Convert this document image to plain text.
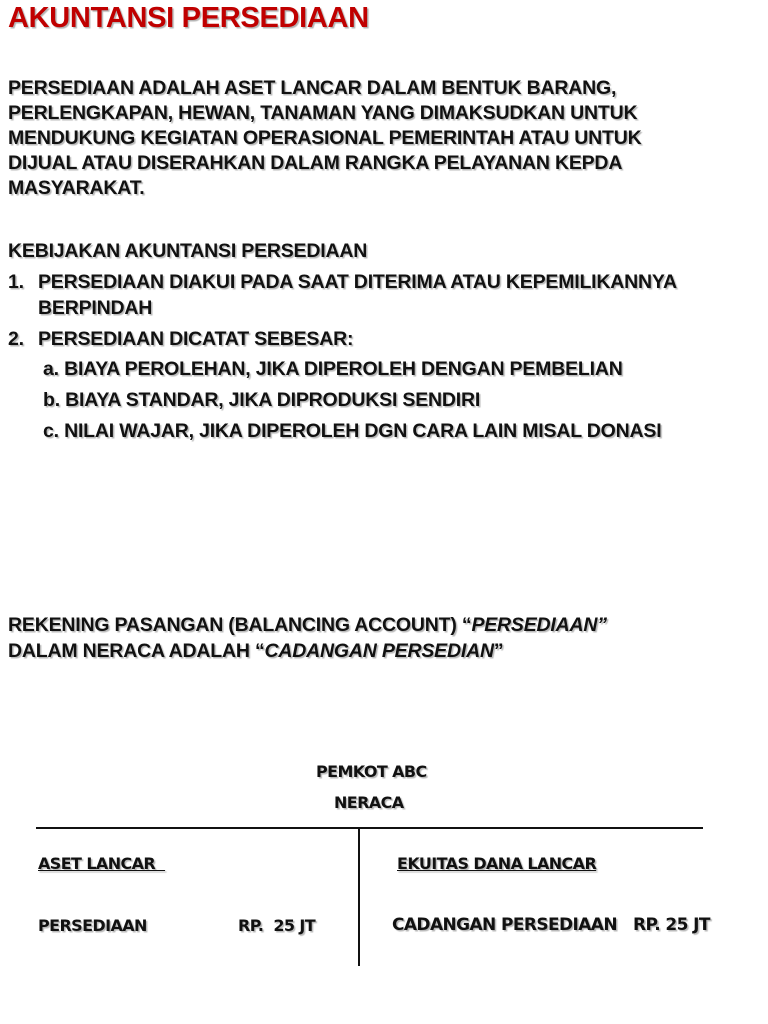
AKUNTANSI PERSEDIAAN
PERSEDIAAN ADALAH ASET LANCAR DALAM BENTUK BARANG,
PERLENGKAPAN, HEWAN, TANAMAN YANG DIMAKSUDKAN UNTUK
MENDUKUNG KEGIATAN OPERASIONAL PEMERINTAH ATAU UNTUK
DIJUAL ATAU DISERAHKAN DALAM RANGKA PELAYANAN KEPDA
MASYARAKAT.
KEBIJAKAN AKUNTANSI PERSEDIAAN
1. PERSEDIAAN DIAKUI PADA SAAT DITERIMA ATAU KEPEMILIKANNYA
BERPINDAH
2. PERSEDIAAN DICATAT SEBESAR:
a. BIAYA PEROLEHAN, JIKA DIPEROLEH DENGAN PEMBELIAN
b. BIAYA STANDAR, JIKA DIPRODUKSI SENDIRI
c. NILAI WAJAR, JIKA DIPEROLEH DGN CARA LAIN MISAL DONASI
REKENING PASANGAN (BALANCING ACCOUNT) “PERSEDIAAN”
DALAM NERACA ADALAH “CADANGAN PERSEDIAN”
PEMKOT ABC
NERACA
ASET LANCAR	EKUITAS DANA LANCAR
PERSEDIAAN	RP.  25 JT	CADANGAN PERSEDIAAN RP. 25 JT
